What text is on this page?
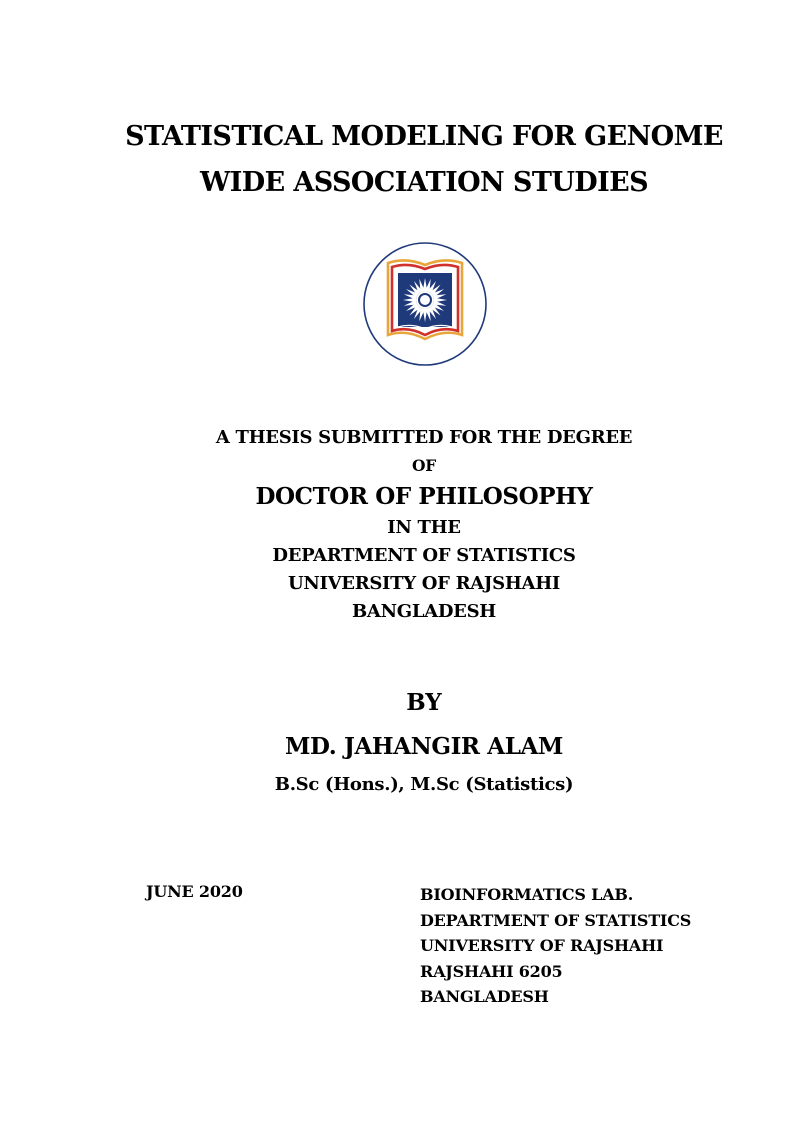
STATISTICAL MODELING FOR GENOME
WIDE ASSOCIATION STUDIES
A THESIS SUBMITTED FOR THE DEGREE
OF
DOCTOR OF PHILOSOPHY
IN THE
DEPARTMENT OF STATISTICS
UNIVERSITY OF RAJSHAHI
BANGLADESH
BY
MD. JAHANGIR ALAM
B.Sc (Hons.), M.Sc (Statistics)
JUNE 2020	BIOINFORMATICS LAB.
DEPARTMENT OF STATISTICS
UNIVERSITY OF RAJSHAHI
RAJSHAHI 6205
BANGLADESH
